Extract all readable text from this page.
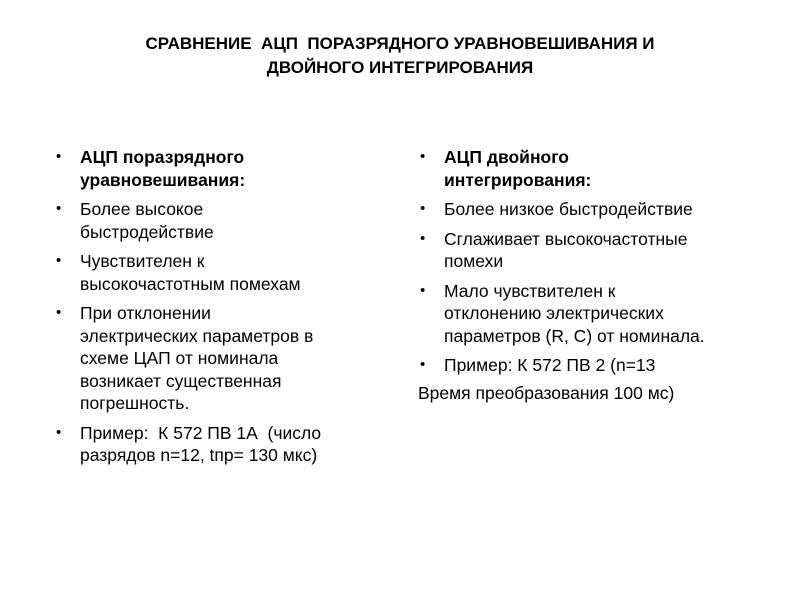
СРАВНЕНИЕ  АЦП  ПОРАЗРЯДНОГО УРАВНОВЕШИВАНИЯ И
ДВОЙНОГО ИНТЕГРИРОВАНИЯ
• АЦП поразрядного
уравновешивания:
• Более высокое
быстродействие
• Чувствителен к
высокочастотным помехам
• При отклонении
электрических параметров в
схеме ЦАП от номинала
возникает существенная
погрешность.
• Пример:  К 572 ПВ 1А  (число
разрядов n=12, tпр= 130 мкс)
• АЦП двойного
интегрирования:
• Более низкое быстродействие
• Сглаживает высокочастотные
помехи
• Мало чувствителен к
отклонению электрических
параметров (R, C) от номинала.
• Пример: К 572 ПВ 2 (n=13
Время преобразования 100 мс)
